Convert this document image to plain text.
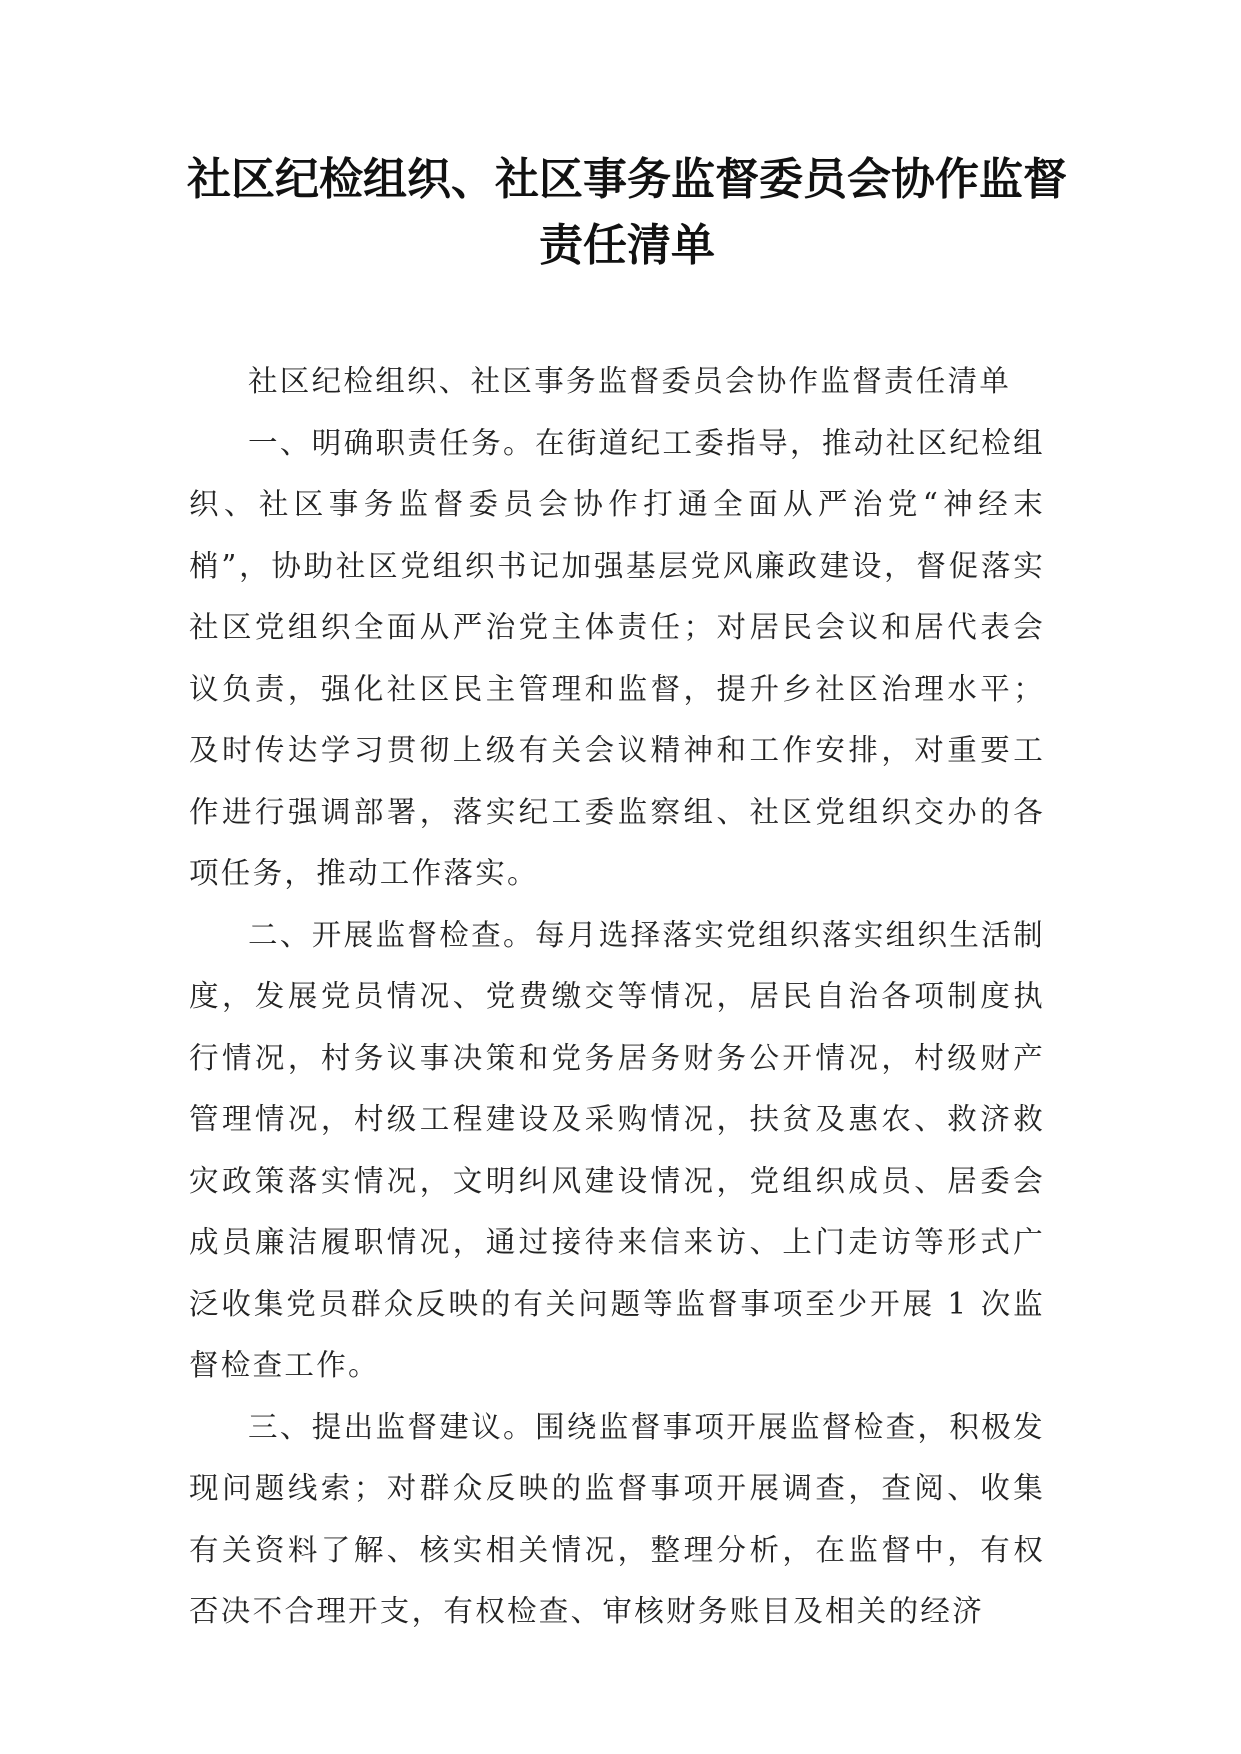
社区纪检组织、社区事务监督委员会协作监督责任清单

社区纪检组织、社区事务监督委员会协作监督责任清单

一、明确职责任务。在街道纪工委指导，推动社区纪检组织、社区事务监督委员会协作打通全面从严治党“神经末梢”，协助社区党组织书记加强基层党风廉政建设，督促落实社区党组织全面从严治党主体责任；对居民会议和居代表会议负责，强化社区民主管理和监督，提升乡社区治理水平；及时传达学习贯彻上级有关会议精神和工作安排，对重要工作进行强调部署，落实纪工委监察组、社区党组织交办的各项任务，推动工作落实。

二、开展监督检查。每月选择落实党组织落实组织生活制度，发展党员情况、党费缴交等情况，居民自治各项制度执行情况，村务议事决策和党务居务财务公开情况，村级财产管理情况，村级工程建设及采购情况，扶贫及惠农、救济救灾政策落实情况，文明纠风建设情况，党组织成员、居委会成员廉洁履职情况，通过接待来信来访、上门走访等形式广泛收集党员群众反映的有关问题等监督事项至少开展 1 次监督检查工作。

三、提出监督建议。围绕监督事项开展监督检查，积极发现问题线索；对群众反映的监督事项开展调查，查阅、收集有关资料了解、核实相关情况，整理分析，在监督中，有权否决不合理开支，有权检查、审核财务账目及相关的经济
